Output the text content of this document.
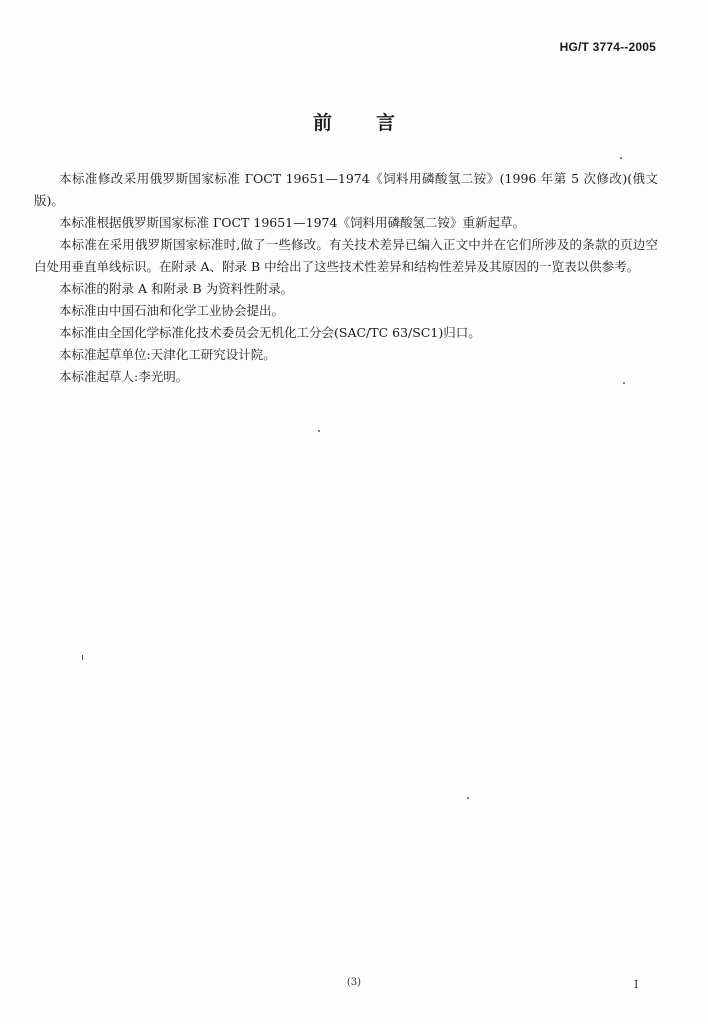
HG/T 3774--2005
前言

本标准修改采用俄罗斯国家标准 ГОСТ 19651—1974《饲料用磷酸氢二铵》(1996 年第 5 次修改)(俄文版)。

本标准根据俄罗斯国家标准 ГОСТ 19651—1974《饲料用磷酸氢二铵》重新起草。

本标准在采用俄罗斯国家标准时,做了一些修改。有关技术差异已编入正文中并在它们所涉及的条款的页边空白处用垂直单线标识。在附录 A、附录 B 中给出了这些技术性差异和结构性差异及其原因的一览表以供参考。

本标准的附录 A 和附录 B 为资料性附录。

本标准由中国石油和化学工业协会提出。

本标准由全国化学标准化技术委员会无机化工分会(SAC/TC 63/SC1)归口。

本标准起草单位:天津化工研究设计院。

本标准起草人:李光明。

(3)	I
